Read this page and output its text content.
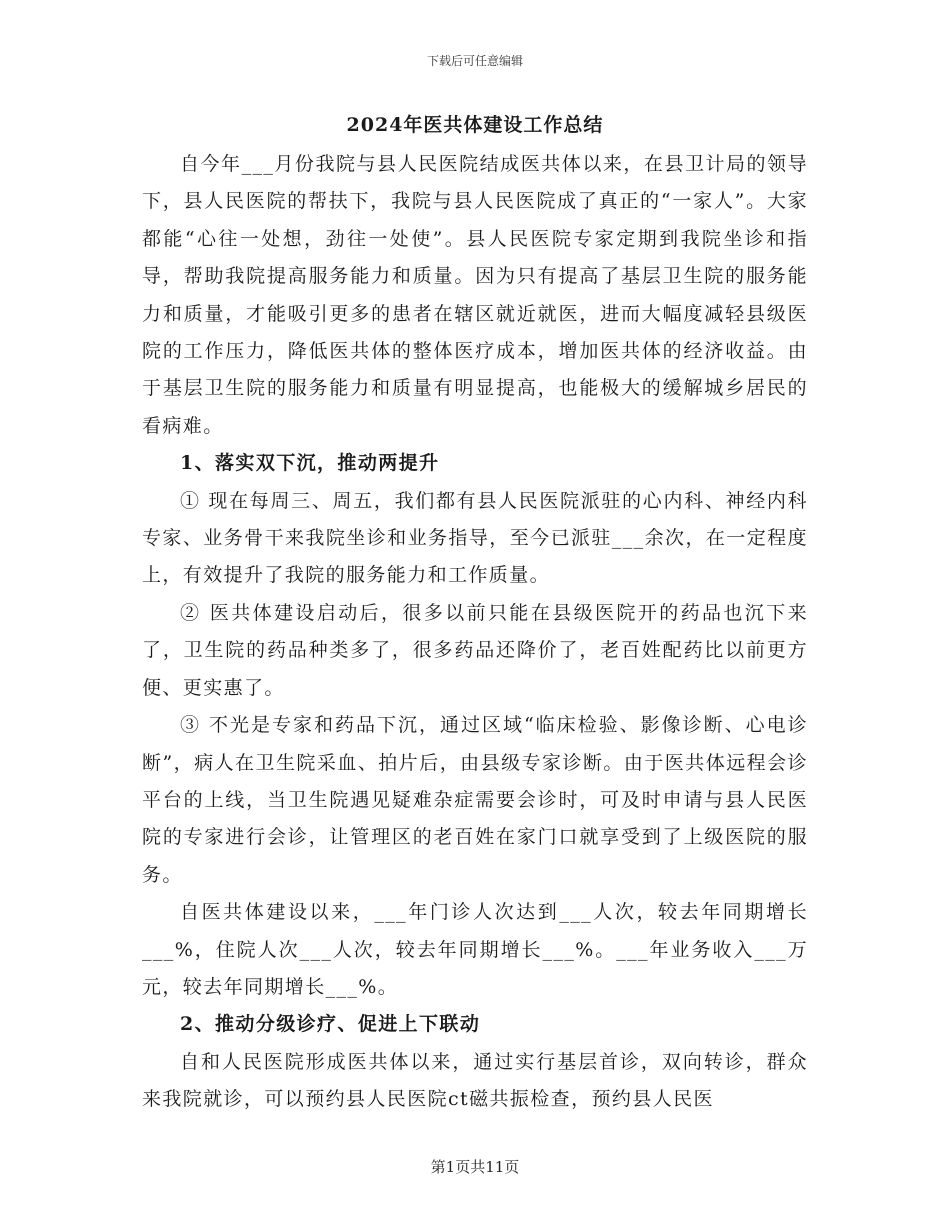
下载后可任意编辑
2024年医共体建设工作总结

自今年___月份我院与县人民医院结成医共体以来，在县卫计局的领导下，县人民医院的帮扶下，我院与县人民医院成了真正的“一家人”。大家都能“心往一处想，劲往一处使”。县人民医院专家定期到我院坐诊和指导，帮助我院提高服务能力和质量。因为只有提高了基层卫生院的服务能力和质量，才能吸引更多的患者在辖区就近就医，进而大幅度减轻县级医院的工作压力，降低医共体的整体医疗成本，增加医共体的经济收益。由于基层卫生院的服务能力和质量有明显提高，也能极大的缓解城乡居民的看病难。

1、落实双下沉，推动两提升

① 现在每周三、周五，我们都有县人民医院派驻的心内科、神经内科专家、业务骨干来我院坐诊和业务指导，至今已派驻___余次，在一定程度上，有效提升了我院的服务能力和工作质量。

② 医共体建设启动后，很多以前只能在县级医院开的药品也沉下来了，卫生院的药品种类多了，很多药品还降价了，老百姓配药比以前更方便、更实惠了。

③ 不光是专家和药品下沉，通过区域“临床检验、影像诊断、心电诊断”，病人在卫生院采血、拍片后，由县级专家诊断。由于医共体远程会诊平台的上线，当卫生院遇见疑难杂症需要会诊时，可及时申请与县人民医院的专家进行会诊，让管理区的老百姓在家门口就享受到了上级医院的服务。

自医共体建设以来，___年门诊人次达到___人次，较去年同期增长___%，住院人次___人次，较去年同期增长___%。___年业务收入___万元，较去年同期增长___%。

2、推动分级诊疗、促进上下联动

自和人民医院形成医共体以来，通过实行基层首诊，双向转诊，群众来我院就诊，可以预约县人民医院ct磁共振检查，预约县人民医

第1页共11页
